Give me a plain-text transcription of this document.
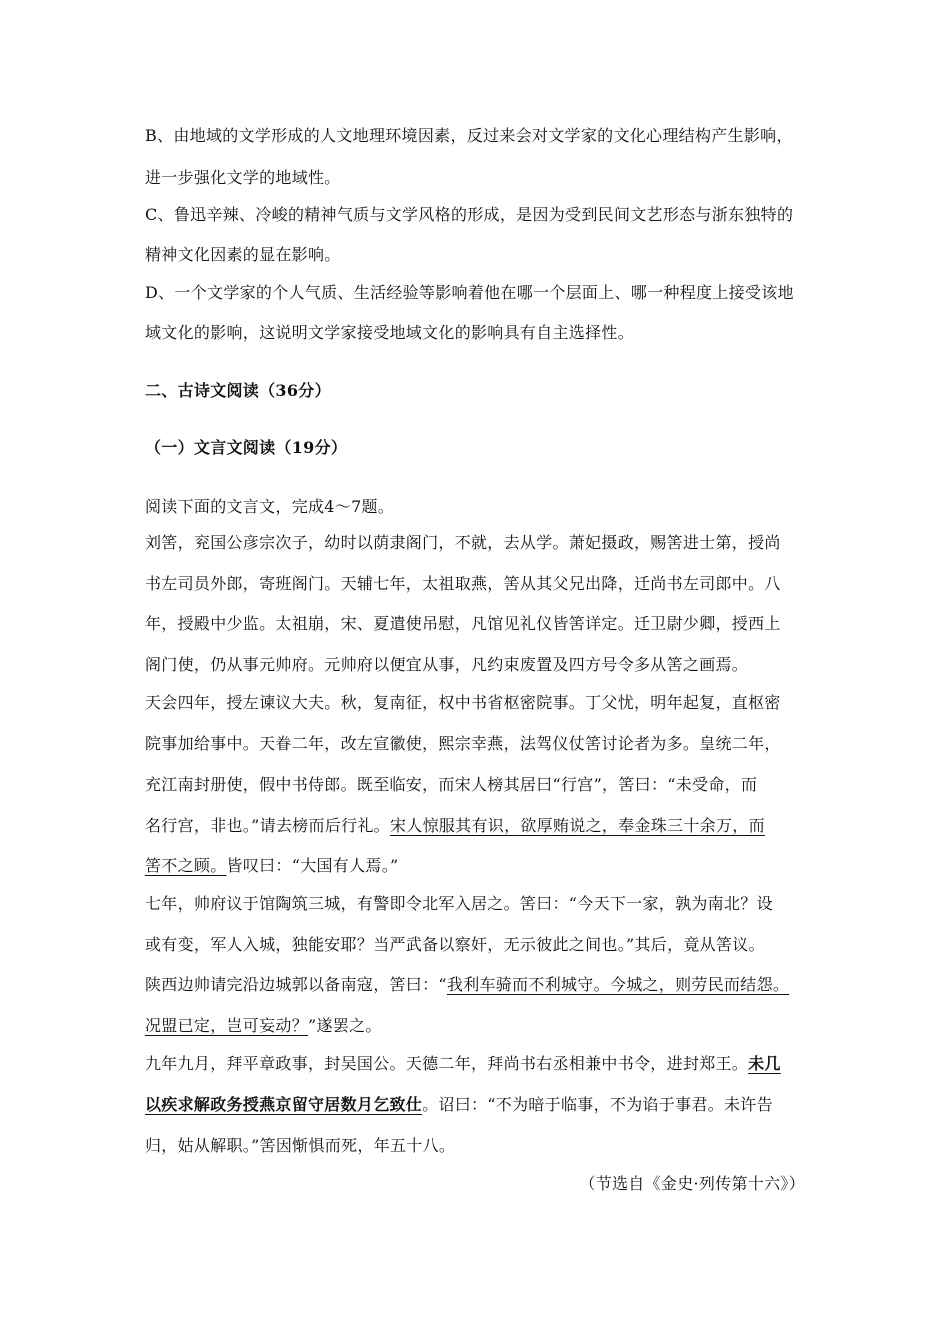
B、由地域的文学形成的人文地理环境因素，反过来会对文学家的文化心理结构产生影响，
进一步强化文学的地域性。
C、鲁迅辛辣、冷峻的精神气质与文学风格的形成，是因为受到民间文艺形态与浙东独特的
精神文化因素的显在影响。
D、一个文学家的个人气质、生活经验等影响着他在哪一个层面上、哪一种程度上接受该地
域文化的影响，这说明文学家接受地域文化的影响具有自主选择性。
二、古诗文阅读（36分）
（一）文言文阅读（19分）
阅读下面的文言文，完成4～7题。
刘筈，兖国公彦宗次子，幼时以荫隶阁门，不就，去从学。萧妃摄政，赐筈进士第，授尚
书左司员外郎，寄班阁门。天辅七年，太祖取燕，筈从其父兄出降，迁尚书左司郎中。八
年，授殿中少监。太祖崩，宋、夏遣使吊慰，凡馆见礼仪皆筈详定。迁卫尉少卿，授西上
阁门使，仍从事元帅府。元帅府以便宜从事，凡约束废置及四方号令多从筈之画焉。
天会四年，授左谏议大夫。秋，复南征，权中书省枢密院事。丁父忧，明年起复，直枢密
院事加给事中。天眷二年，改左宣徽使，熙宗幸燕，法驾仪仗筈讨论者为多。皇统二年，
充江南封册使，假中书侍郎。既至临安，而宋人榜其居曰“行宫”，筈曰：“未受命，而
名行宫，非也。”请去榜而后行礼。宋人惊服其有识，欲厚贿说之，奉金珠三十余万，而
筈不之顾。皆叹曰：“大国有人焉。”
七年，帅府议于馆陶筑三城，有警即令北军入居之。筈曰：“今天下一家，孰为南北？设
或有变，军人入城，独能安耶？当严武备以察奸，无示彼此之间也。”其后，竟从筈议。
陕西边帅请完沿边城郭以备南寇，筈曰：“我利车骑而不利城守。今城之，则劳民而结怨。
况盟已定，岂可妄动？”遂罢之。
九年九月，拜平章政事，封吴国公。天德二年，拜尚书右丞相兼中书令，进封郑王。未几
以疾求解政务授燕京留守居数月乞致仕。诏曰：“不为暗于临事，不为谄于事君。未许告
归，姑从解职。”筈因惭惧而死，年五十八。
（节选自《金史·列传第十六》）
